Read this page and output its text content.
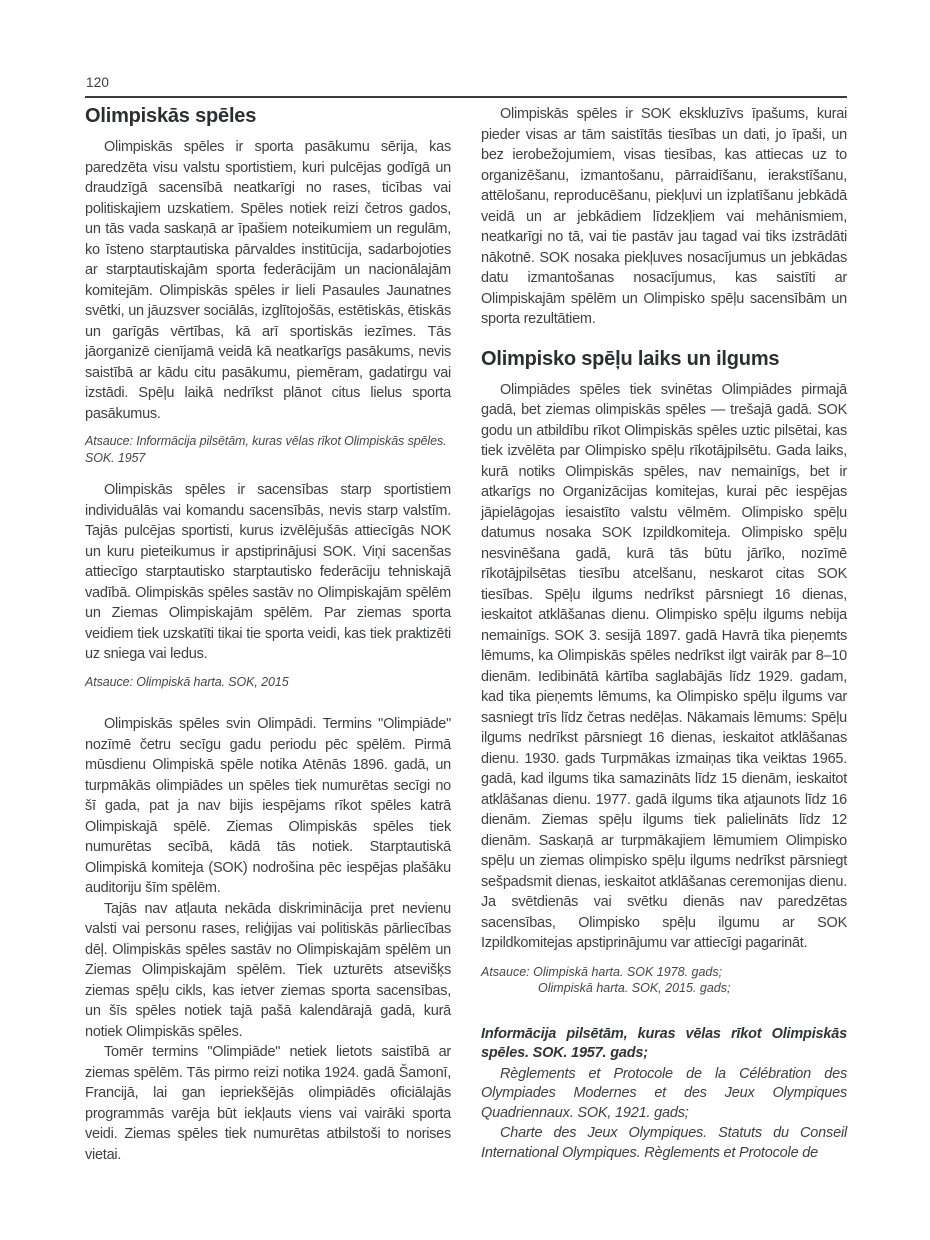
120
Olimpiskās spēles

Olimpiskās spēles ir sporta pasākumu sērija, kas paredzēta visu valstu sportistiem, kuri pulcējas godīgā un draudzīgā sacensībā neatkarīgi no rases, ticības vai politiskajiem uzskatiem. Spēles notiek reizi četros gados, un tās vada saskaņā ar īpašiem noteikumiem un regulām, ko īsteno starptautiska pārvaldes institūcija, sadarbojoties ar starptautiskajām sporta federācijām un nacionālajām komitejām. Olimpiskās spēles ir lieli Pasaules Jaunatnes svētki, un jāuzsver sociālās, izglītojošās, estētiskās, ētiskās un garīgās vērtības, kā arī sportiskās iezīmes. Tās jāorganizē cienījamā veidā kā neatkarīgs pasākums, nevis saistībā ar kādu citu pasākumu, piemēram, gadatirgu vai izstādi. Spēļu laikā nedrīkst plānot citus lielus sporta pasākumus.

Atsauce: Informācija pilsētām, kuras vēlas rīkot Olimpiskās spēles. SOK. 1957

Olimpiskās spēles ir sacensības starp sportistiem individuālās vai komandu sacensībās, nevis starp valstīm. Tajās pulcējas sportisti, kurus izvēlējušās attiecīgās NOK un kuru pieteikumus ir apstiprinājusi SOK. Viņi sacenšas attiecīgo starptautisko starptautisko federāciju tehniskajā vadībā. Olimpiskās spēles sastāv no Olimpiskajām spēlēm un Ziemas Olimpiskajām spēlēm. Par ziemas sporta veidiem tiek uzskatīti tikai tie sporta veidi, kas tiek praktizēti uz sniega vai ledus.

Atsauce: Olimpiskā harta. SOK, 2015

Olimpiskās spēles svin Olimpādi. Termins "Olimpiāde" nozīmē četru secīgu gadu periodu pēc spēlēm. Pirmā mūsdienu Olimpiskā spēle notika Atēnās 1896. gadā, un turpmākās olimpiādes un spēles tiek numurētas secīgi no šī gada, pat ja nav bijis iespējams rīkot spēles katrā Olimpiskajā spēlē. Ziemas Olimpiskās spēles tiek numurētas secībā, kādā tās notiek. Starptautiskā Olimpiskā komiteja (SOK) nodrošina pēc iespējas plašāku auditoriju šīm spēlēm.

Tajās nav atļauta nekāda diskriminācija pret nevienu valsti vai personu rases, reliģijas vai politiskās pārliecības dēļ. Olimpiskās spēles sastāv no Olimpiskajām spēlēm un Ziemas Olimpiskajām spēlēm. Tiek uzturēts atsevišķs ziemas spēļu cikls, kas ietver ziemas sporta sacensības, un šīs spēles notiek tajā pašā kalendārajā gadā, kurā notiek Olimpiskās spēles.

Tomēr termins "Olimpiāde" netiek lietots saistībā ar ziemas spēlēm. Tās pirmo reizi notika 1924. gadā Šamonī, Francijā, lai gan iepriekšējās olimpiādēs oficiālajās programmās varēja būt iekļauts viens vai vairāki sporta veidi. Ziemas spēles tiek numurētas atbilstoši to norises vietai.

Olimpiskās spēles ir SOK ekskluzīvs īpašums, kurai pieder visas ar tām saistītās tiesības un dati, jo īpaši, un bez ierobežojumiem, visas tiesības, kas attiecas uz to organizēšanu, izmantošanu, pārraidīšanu, ierakstīšanu, attēlošanu, reproducēšanu, piekļuvi un izplatīšanu jebkādā veidā un ar jebkādiem līdzekļiem vai mehānismiem, neatkarīgi no tā, vai tie pastāv jau tagad vai tiks izstrādāti nākotnē. SOK nosaka piekļuves nosacījumus un jebkādas datu izmantošanas nosacījumus, kas saistīti ar Olimpiskajām spēlēm un Olimpisko spēļu sacensībām un sporta rezultātiem.

Olimpisko spēļu laiks un ilgums

Olimpiādes spēles tiek svinētas Olimpiādes pirmajā gadā, bet ziemas olimpiskās spēles — trešajā gadā. SOK godu un atbildību rīkot Olimpiskās spēles uztic pilsētai, kas tiek izvēlēta par Olimpisko spēļu rīkotājpilsētu. Gada laiks, kurā notiks Olimpiskās spēles, nav nemainīgs, bet ir atkarīgs no Organizācijas komitejas, kurai pēc iespējas jāpielāgojas iesaistīto valstu vēlmēm. Olimpisko spēļu datumus nosaka SOK Izpildkomiteja. Olimpisko spēļu nesvinēšana gadā, kurā tās būtu jārīko, nozīmē rīkotājpilsētas tiesību atcelšanu, neskarot citas SOK tiesības. Spēļu ilgums nedrīkst pārsniegt 16 dienas, ieskaitot atklāšanas dienu. Olimpisko spēļu ilgums nebija nemainīgs. SOK 3. sesijā 1897. gadā Havrā tika pieņemts lēmums, ka Olimpiskās spēles nedrīkst ilgt vairāk par 8–10 dienām. Iedibinātā kārtība saglabājās līdz 1929. gadam, kad tika pieņemts lēmums, ka Olimpisko spēļu ilgums var sasniegt trīs līdz četras nedēļas. Nākamais lēmums: Spēļu ilgums nedrīkst pārsniegt 16 dienas, ieskaitot atklāšanas dienu. 1930. gads Turpmākas izmaiņas tika veiktas 1965. gadā, kad ilgums tika samazināts līdz 15 dienām, ieskaitot atklāšanas dienu. 1977. gadā ilgums tika atjaunots līdz 16 dienām. Ziemas spēļu ilgums tiek palielināts līdz 12 dienām. Saskaņā ar turpmākajiem lēmumiem Olimpisko spēļu un ziemas olimpisko spēļu ilgums nedrīkst pārsniegt sešpadsmit dienas, ieskaitot atklāšanas ceremonijas dienu. Ja svētdienās vai svētku dienās nav paredzētas sacensības, Olimpisko spēļu ilgumu ar SOK Izpildkomitejas apstiprinājumu var attiecīgi pagarināt.

Atsauce: Olimpiskā harta. SOK 1978. gads;
Olimpiskā harta. SOK, 2015. gads;

Informācija pilsētām, kuras vēlas rīkot Olimpiskās spēles. SOK. 1957. gads;

Règlements et Protocole de la Célébration des Olympiades Modernes et des Jeux Olympiques Quadriennaux. SOK, 1921. gads;

Charte des Jeux Olympiques. Statuts du Conseil International Olympiques. Règlements et Protocole de
